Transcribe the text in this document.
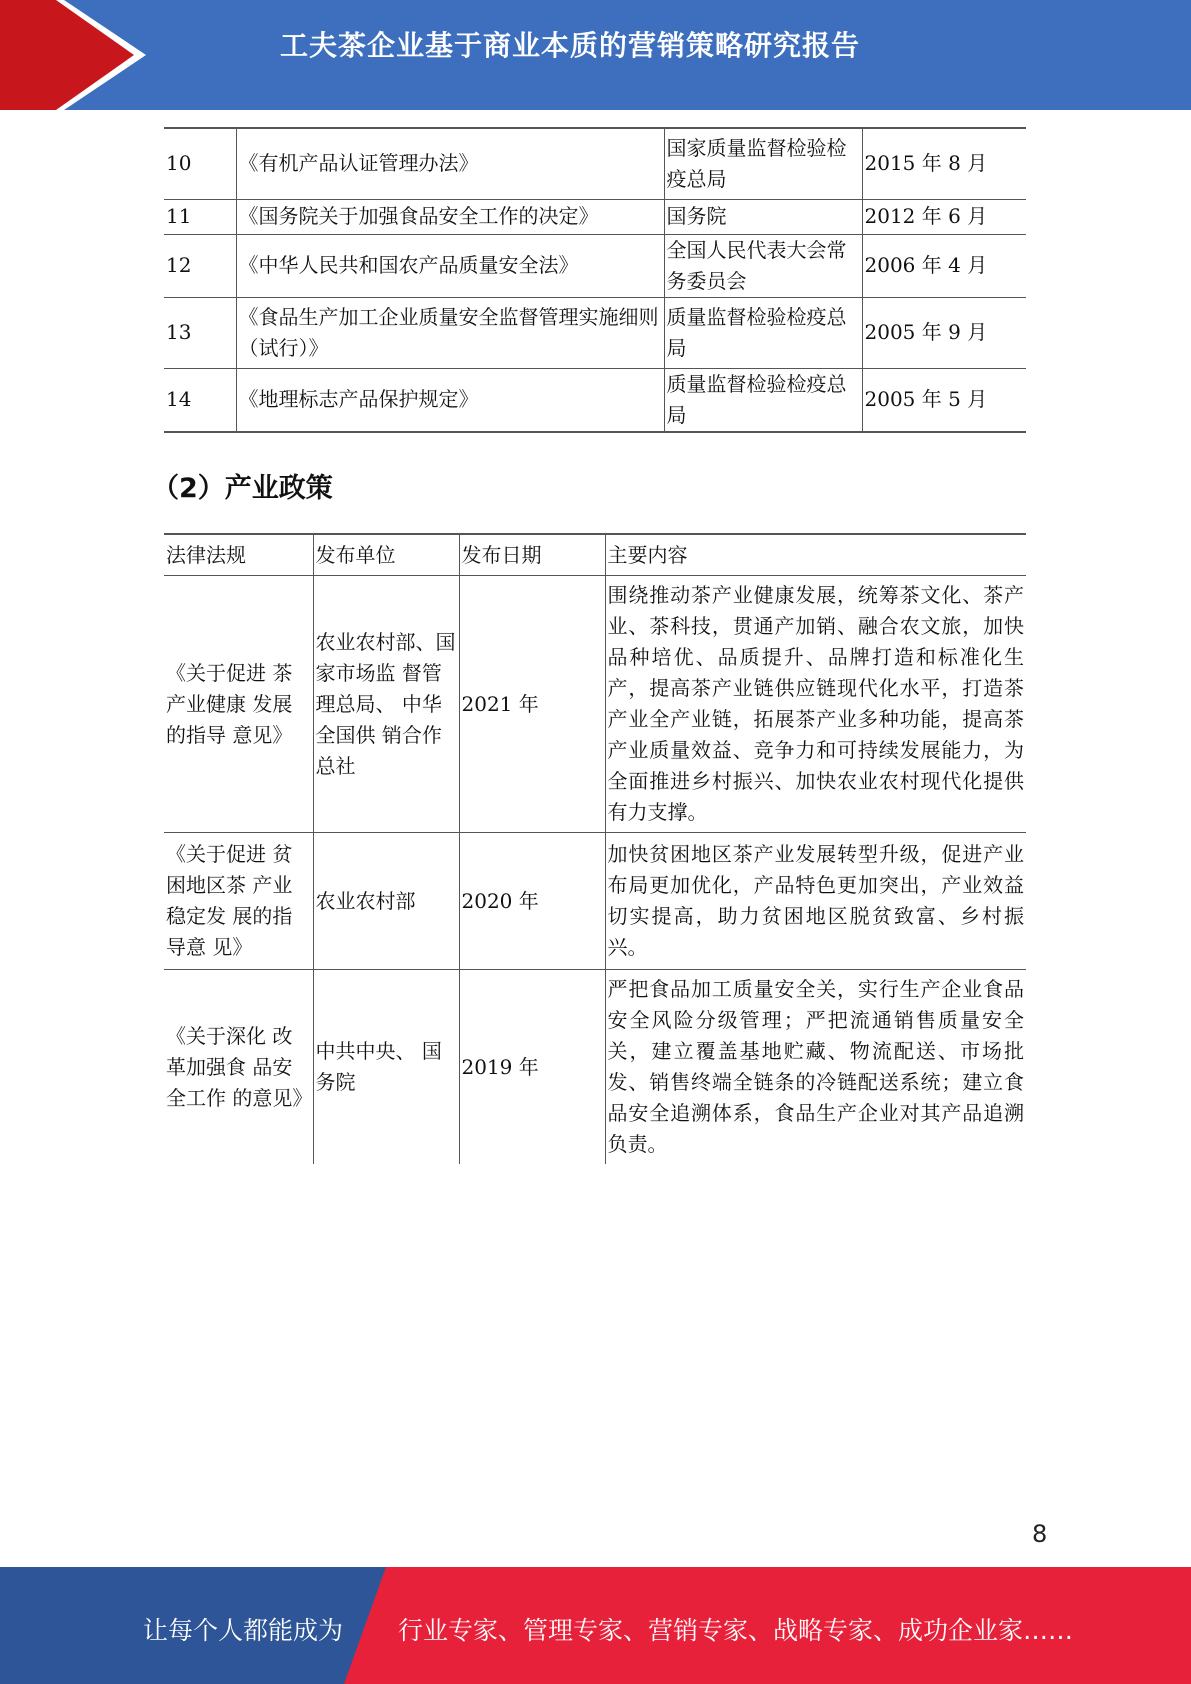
工夫茶企业基于商业本质的营销策略研究报告
10	《有机产品认证管理办法》	国家质量监督检验检疫总局	2015 年 8 月
11	《国务院关于加强食品安全工作的决定》	国务院	2012 年 6 月
12	《中华人民共和国农产品质量安全法》	全国人民代表大会常务委员会	2006 年 4 月
13	《食品生产加工企业质量安全监督管理实施细则（试行）》	质量监督检验检疫总局	2005 年 9 月
14	《地理标志产品保护规定》	质量监督检验检疫总局	2005 年 5 月
（2）产业政策
法律法规	发布单位	发布日期	主要内容
《关于促进 茶产业健康 发展的指导 意见》	农业农村部、国家市场监 督管理总局、 中华全国供 销合作总社	2021 年	围绕推动茶产业健康发展，统筹茶文化、茶产业、茶科技，贯通产加销、融合农文旅，加快品种培优、品质提升、品牌打造和标准化生产，提高茶产业链供应链现代化水平，打造茶产业全产业链，拓展茶产业多种功能，提高茶产业质量效益、竞争力和可持续发展能力，为全面推进乡村振兴、加快农业农村现代化提供有力支撑。
《关于促进 贫困地区茶 产业稳定发 展的指导意 见》	农业农村部	2020 年	加快贫困地区茶产业发展转型升级，促进产业布局更加优化，产品特色更加突出，产业效益切实提高，助力贫困地区脱贫致富、乡村振兴。
《关于深化 改革加强食 品安全工作 的意见》	中共中央、 国务院	2019 年	严把食品加工质量安全关，实行生产企业食品安全风险分级管理；严把流通销售质量安全关，建立覆盖基地贮藏、物流配送、市场批发、销售终端全链条的冷链配送系统；建立食品安全追溯体系，食品生产企业对其产品追溯负责。
8
让每个人都能成为 行业专家、管理专家、营销专家、战略专家、成功企业家……
